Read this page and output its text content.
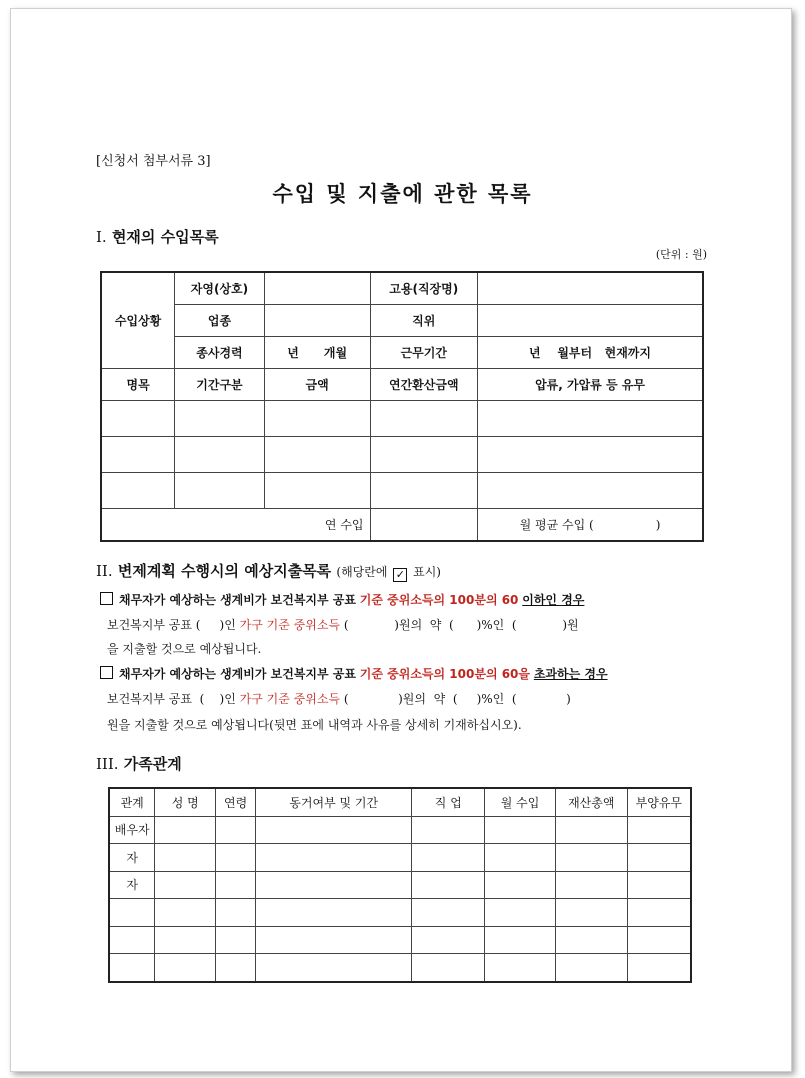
[신청서 첨부서류 3]
수입 및 지출에 관한 목록
I. 현재의 수입목록
(단위 : 원)
수입상황	자영(상호)		고용(직장명)	
	업종		직위	
	종사경력	년      개월	근무기간	년    월부터   현재까지
명목	기간구분	금액	연간환산금액	압류, 가압류 등 유무

연 수입				월 평균 수입 ( )
II. 변제계획 수행시의 예상지출목록 (해당란에 ✓ 표시)
채무자가 예상하는 생계비가 보건복지부 공표 기준 중위소득의 100분의 60 이하인 경우
보건복지부 공표 (     )인 가구 기준 중위소득 (            )원의  약  (      )%인  (            )원
을 지출할 것으로 예상됩니다.
채무자가 예상하는 생계비가 보건복지부 공표 기준 중위소득의 100분의 60을 초과하는 경우
보건복지부 공표  (    )인 가구 기준 중위소득 (             )원의  약  (     )%인  (             )
원을 지출할 것으로 예상됩니다(뒷면 표에 내역과 사유를 상세히 기재하십시오).
III. 가족관계
관계	성 명	연령	동거여부 및 기간	직 업	월 수입	재산총액	부양유무
배우자							
자							
자							
